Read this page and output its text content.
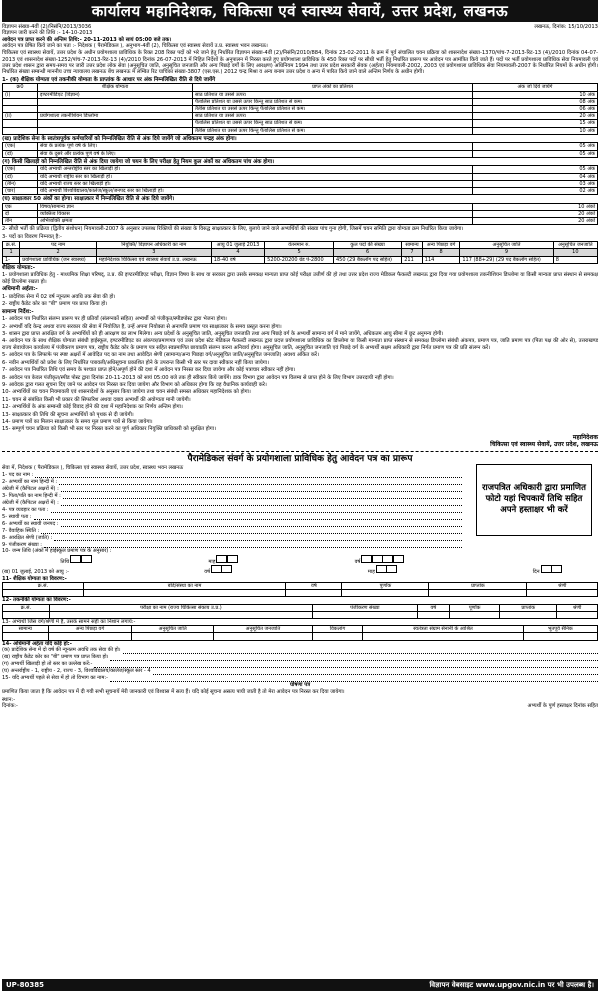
कार्यालय महानिदेशक, चिकित्सा एवं स्वास्थ्य सेवायें, उत्तर प्रदेश, लखनऊ
विज्ञापन संख्या-4वीं (2)/निसंनि/2013/3036	लखनऊ, दिनांक: 15/10/2013
विज्ञापन जारी करने की तिथि :- 14-10-2013
आवेदन पत्र प्राप्त करने की अन्तिम तिथि:- 20-11-2013 को सायं 05:00 बजे तक।
आवेदन पत्र प्रेषित किये जाने का पता :- निदेशक ( पैरामेडिकल ), अनुभाग-4वीं (2), चिकित्सा एवं स्वास्थ्य सेवायें उ.प्र. स्वास्थ्य भवन लखनऊ।
चिकित्सा एवं स्वास्थ्य सेवायें, उत्तर प्रदेश के अधीन प्रयोगशाला प्राविधिक के रिक्त 208 रिक्त पदों को भरे जाने हेतु निर्धारित विज्ञापन संख्या-4वीं (2)/निसंनि/2010/884, दिनांक 23-02-2011 के क्रम में पूर्व संचालित चयन प्रक्रिया को शासनादेश संख्या-1370/पांच-7-2013-रिट-13 (4)/2010 दिनांक 04-07-2013 एवं शासनादेश संख्या-1252/पांच-7-2013-रिट-13 (4)/2010 दिनांक 26-07-2013 में निहित निर्देशों के अनुपालन में निरस्त करते हुए प्रयोगशाला प्राविधिक के 450 रिक्त पदों पर सीधी भर्ती हेतु निर्धारित प्रारूप पर आवेदन पत्र आमंत्रित किये जाते हैं। पदों पर भर्ती प्रयोगशाला प्राविधिक सेवा नियमावली एवं उत्तर प्रदेश शासन द्वारा समय-समय पर जारी उत्तर प्रदेश लोक सेवा (अनुसूचित जाति, अनुसूचित जनजाति और अन्य पिछड़े वर्गों के लिए आरक्षण) अधिनियम 1994 तथा उत्तर प्रदेश सरकारी सेवक (अर्हता) नियमावली-2002, 2003 एवं प्रयोगशाला प्राविधिक सेवा नियमावली-2007 के निर्धारित नियमों के अधीन होगी। निर्धारित संख्या सम्बन्धी माननीय उच्च न्यायालय लखनऊ बेंच लखनऊ में लम्बित रिट याचिका संख्या-3807 (एस.एस.) 2012 चन्द्र मिश्रा व अन्य बनाम उत्तर प्रदेश व अन्य में पारित किये जाने वाले अन्तिम निर्णय के अधीन होगी।
1- (क) शैक्षिक योग्यता एवं तकनीकी योग्यता के प्राप्तांक के आधार पर अंक निम्नलिखित रीति से दिये जायेंगे
क्र0	शैक्षिक योग्यता	प्राप्त अंकों का प्रतिशत	अंक जो दिये जायेंगे
(i)	इण्टरमीडिएट (विज्ञान)	साठ प्रतिशत या उससे ऊपर।	10 अंक
		पैंतालिस प्रतिशत या उससे ऊपर किन्तु साठ प्रतिशत से कम।	08 अंक
		तैंतीस प्रतिशत या उससे ऊपर किन्तु पैंतालिस प्रतिशत से कम।	06 अंक
(ii)	प्रयोगशाला तकनीशियन डिप्लोमा	साठ प्रतिशत या उससे ऊपर।	20 अंक
		पैंतालिस प्रतिशत या उससे ऊपर किन्तु साठ प्रतिशत से कम।	15 अंक
		तैंतीस प्रतिशत या उससे ऊपर किन्तु पैंतालिस प्रतिशत से कम।	10 अंक
(ख) प्रादेशिक सेना के स्वतंत्रापूर्वक कर्मचारियों को निम्नलिखित रीति से अंक दिये जायेंगे जो अधिकतम पन्द्रह अंक होगा।
(एक)	सेवा के प्रत्येक पूर्ण वर्ष के लिए।	05 अंक
(दो)	सेवा के दूसरे और प्रत्येक पूर्ण वर्ष के लिए।	05 अंक
(ग) किसी खिलाड़ी को निम्नलिखित रीति से अंक दिया जायेगा जो चयन के लिए परीक्षा हेतु नियम कुल अंकों का अधिकतम पांच अंक होगा।
(एक)	यदि अभ्यर्थी अन्तर्राष्ट्रीय स्तर का खिलाड़ी हो।	05 अंक
(दो)	यदि अभ्यर्थी राष्ट्रीय स्तर का खिलाड़ी हो।	04 अंक
(तीन)	यदि अभ्यर्थी राज्य स्तर का खिलाड़ी हो।	03 अंक
(चार)	यदि अभ्यर्थी विश्वविद्यालय/कालेज/स्कूल/जनपद स्तर का खिलाड़ी हो।	02 अंक
(घ) साक्षात्कार 50 अंकों का होगा। साक्षात्कार में निम्नलिखित रीति से अंक दिये जायेंगे।
एक	विषय/सामान्य ज्ञान	10 अंकों
दो	व्यक्तित्व विकास	20 अंकों
तीन	अभिव्यक्ति क्षमता	20 अंकों
2- सीधी भर्ती की प्रक्रिया (द्वितीय संशोधन) नियमावली-2007 के अनुसार उपलब्ध रिक्तियों की संख्या के विरुद्ध साक्षात्कार के लिए, बुलाये जाने वाले अभ्यर्थियों की संख्या पांच गुना होगी, जिसमें चयन समिति द्वारा योग्यता क्रम निर्धारित किया जायेगा।
3- पदों का विवरण निम्नवत् है:-
क्र.सं.	पद नाम	नियुक्ति/ विज्ञापन अधिकारी का नाम	आयु 01 जुलाई 2013	वेतनमान रु.	कुल पदों की संख्या	सामान्य	अन्य पिछड़ा वर्ग	अनुसूचित जाति	अनुसूचित जनजाति
1	2	3	4	5	6	7	8	9	10
1-	प्रयोगशाला प्राविधिक (जन स्वास्थ्य)	महानिदेशक चिकित्सा एवं स्वास्थ्य सेवायें उ.प्र. लखनऊ	18-40 वर्ष	5200-20200 ग्रेड पे-2800	450 (29 बैकलॉग पद सहित)	211	114	117 (88+29) (29 पद बैकलॉग सहित)	8
शैक्षिक योग्यता:-
1- प्रयोगशाला प्राविधिक हेतु - माध्यमिक शिक्षा परिषद्, उ.प्र. की इण्टरमीडिएट परीक्षा, विज्ञान विषय के साथ या सरकार द्वारा उसके समकक्ष मान्यता प्राप्त कोई परीक्षा उत्तीर्ण की हो तथा उत्तर प्रदेश राज्य मेडिकल फैकल्टी लखनऊ द्वारा दिया गया प्रयोगशाला तकनीशियन डिप्लोमा या किसी मान्यता प्राप्त संस्थान से समकक्ष कोई डिप्लोमा रखता हो।
अधिमानी अर्हता:-
1- प्रादेशिक सेना में 02 वर्ष न्यूनतम अवधि तक सेवा की हो।
2- राष्ट्रीय कैडेट कोर का "बी" प्रमाण पत्र प्राप्त किया हो।
सामान्य निर्देश:-
1- आवेदन पत्र निर्धारित संलग्न प्रारूप पर ही प्रतियाँ (संलग्नकों सहित) अभ्यर्थी को पंजीकृत/स्पीडपोस्ट द्वारा भेजना होगा।
2- अभ्यर्थी यदि केन्द्र अथवा राज्य सरकार की सेवा में नियोजित है, उन्हें अपना नियोक्ता से अनापत्ति प्रमाण पत्र साक्षात्कार के समय प्रस्तुत करना होगा।
3- शासन द्वारा प्राप्त आरक्षित वर्ग के अभ्यर्थियों को ही आरक्षण का लाभ मिलेगा। अन्य प्रदेशों के अनुसूचित जाति, अनुसूचित जनजाति तथा अन्य पिछड़े वर्ग के अभ्यर्थी सामान्य वर्ग में माने जायेंगे, अधिकतम आयु सीमा में छूट अनुमन्य होगी।
4- आवेदन पत्र के साथ शैक्षिक योग्यता संबंधी हाईस्कूल, इण्टरमीडिएट का अंकपत्र/प्रमाणपत्र एवं उत्तर प्रदेश स्टेट मेडिकल फैकल्टी लखनऊ द्वारा प्रदत्त प्रयोगशाला प्राविधिक का डिप्लोमा या किसी मान्यता प्राप्त संस्थान से समकक्ष डिप्लोमा संबंधी अंकपत्र, प्रमाण पत्र, जाति प्रमाण पत्र (पिता पक्ष की ओर से), उत्तराखण्ड राज्य सेवायोजन कार्यालय में पंजीकरण प्रमाण पत्र, राष्ट्रीय कैडेट कोर के प्रमाण पत्र सहित स्वप्रमाणित छायाप्रति संलग्न करना अनिवार्य होगा। अनुसूचित जाति, अनुसूचित जनजाति एवं पिछड़े वर्ग के अभ्यर्थी सक्षम अधिकारी द्वारा निर्गत प्रमाण पत्र की प्रति संलग्न करें।
5- आवेदन पत्र के लिफाफे पर स्पष्ट अक्षरों में आवेदित पद का नाम तथा आवेदित श्रेणी (सामान्य/अन्य पिछड़ा वर्ग/अनुसूचित जाति/अनुसूचित जनजाति) अवश्य अंकित करें।
6- नवीन अभ्यर्थियों को प्रवेश के लिए निर्धारित पत्रावली/अधिसूचना प्रकाशित होने के उपरान्त किसी भी स्तर पर दावा स्वीकार नहीं किया जायेगा।
7- आवेदन पत्र निर्धारित तिथि एवं समय के पश्चात प्राप्त होने/अपूर्ण होने की दशा में आवेदन पत्र निरस्त कर दिया जायेगा और कोई पत्राचार स्वीकार नहीं होगा।
8- आवेदन पत्र केवल पंजीकृत/स्पीड पोस्ट द्वारा दिनांक 20-11-2013 को सायं 05:00 बजे तक ही स्वीकार किये जायेंगे। डाक विभाग द्वारा आवेदन पत्र विलम्ब से प्राप्त होने के लिए विभाग उत्तरदायी नहीं होगा।
9- आवेदक द्वारा गलत सूचना दिए जाने पर आवेदन पत्र निरस्त कर दिया जायेगा और विभाग को अधिकार होगा कि वह वैधानिक कार्यवाही करे।
10- अभ्यर्थियों का चयन नियमावली एवं शासनादेशों के अनुसार किया जायेगा तथा चयन संबंधी समस्त अधिकार महानिदेशक को होगा।
11- चयन से संबंधित किसी भी प्रकार की सिफारिश अथवा दबाव अभ्यर्थी की अयोग्यता मानी जायेगी।
12- अभ्यर्थियों के अंक सम्बन्धी कोई विवाद होने की दशा में महानिदेशक का निर्णय अन्तिम होगा।
13- साक्षात्कार की तिथि की सूचना अभ्यर्थियों को पृथक से दी जायेगी।
14- प्रमाण पत्रों का मिलान साक्षात्कार के समय मूल प्रमाण पत्रों से किया जायेगा।
15- सम्पूर्ण चयन प्रक्रिया को किसी भी स्तर पर निरस्त करने का पूर्ण अधिकार नियुक्ति प्राधिकारी को सुरक्षित होगा।
महानिदेशक
चिकित्सा एवं स्वास्थ्य सेवायें, उत्तर प्रदेश, लखनऊ
पैरामेडिकल संवर्ग के प्रयोगशाला प्राविधिक हेतु आवेदन पत्र का प्रारूप
सेवा में, निदेशक ( पैरामेडिकल ), चिकित्सा एवं स्वास्थ्य सेवायें, उत्तर प्रदेश, स्वास्थ्य भवन लखनऊ
राजपत्रित अधिकारी द्वारा प्रमाणित फोटो यहां चिपकायें तिथि सहित अपने हस्ताक्षर भी करें
1- पद का नाम :
2- अभ्यर्थी का नाम हिन्दी में :
अंग्रेजी में (कैपिटल अक्षरों में) :
3- पिता/पति का नाम हिन्दी में :
अंग्रेजी में (कैपिटल अक्षरों में) :
4- पत्र व्यवहार का पता :
5- स्थायी पता :
6- अभ्यर्थी का स्थायी जनपद :
7- वैवाहिक स्थिति :
8- आरक्षित श्रेणी (जाति) :
9- पंजीकरण संख्या :
10- जन्म तिथि (अंकों में हाईस्कूल प्रमाण पत्र के अनुसार) :
तिथि	माह	वर्ष
(ख) 01 जुलाई, 2013 को आयु :-	वर्ष	माह	दिन
11- शैक्षिक योग्यता का विवरण:-
क्र.सं.	बोर्ड/संस्था का नाम	वर्ष	पूर्णांक	प्राप्तांक	श्रेणी

12- तकनीकी योग्यता का विवरण:-
क्र.सं.	परीक्षा का नाम (राज्य चिकित्सा संकाय उ.प्र.)	पंजीकरण संख्या	वर्ष	पूर्णांक	प्राप्तांक	श्रेणी

13- अभ्यर्थी जिस वर्ग/श्रेणी में है, उसके सामने सही का निशान लगायें:-
सामान्य	अन्य पिछड़ा वर्ग	अनुसूचित जाति	अनुसूचित जनजाति	विकलांग	स्वतंत्रता संग्राम सेनानी के आश्रित	भूतपूर्व सैनिक

14- अधिमानी अर्हता यदि कोई हो:-
(क) प्रादेशिक सेना में दो वर्ष की न्यूनतम अवधि तक सेवा की हो।
(ख) राष्ट्रीय कैडेट कोर का "बी" प्रमाण पत्र प्राप्त किया हो।
(ग) अभ्यर्थी खिलाड़ी हो तो स्तर का उल्लेख करें:-
(घ) अन्तर्राष्ट्रीय - 1, राष्ट्रीय - 2, राज्य - 3, विश्वविद्यालय/कालेज/स्कूल स्तर - 4
15- यदि अभ्यर्थी पहले से सेवा में हो तो विभाग का नाम:-
घोषणा पत्र
प्रमाणित किया जाता है कि आवेदन पत्र में दी गयी सभी सूचनायें मेरी जानकारी एवं विश्वास में सत्य हैं। यदि कोई सूचना असत्य पायी जाती है तो मेरा आवेदन पत्र निरस्त कर दिया जायेगा।
स्थान:-
दिनांक:-	अभ्यर्थी के पूर्ण हस्ताक्षर दिनांक सहित
UP-80385	विज्ञापन वेबसाइट www.upgov.nic.in पर भी उपलब्ध है।
